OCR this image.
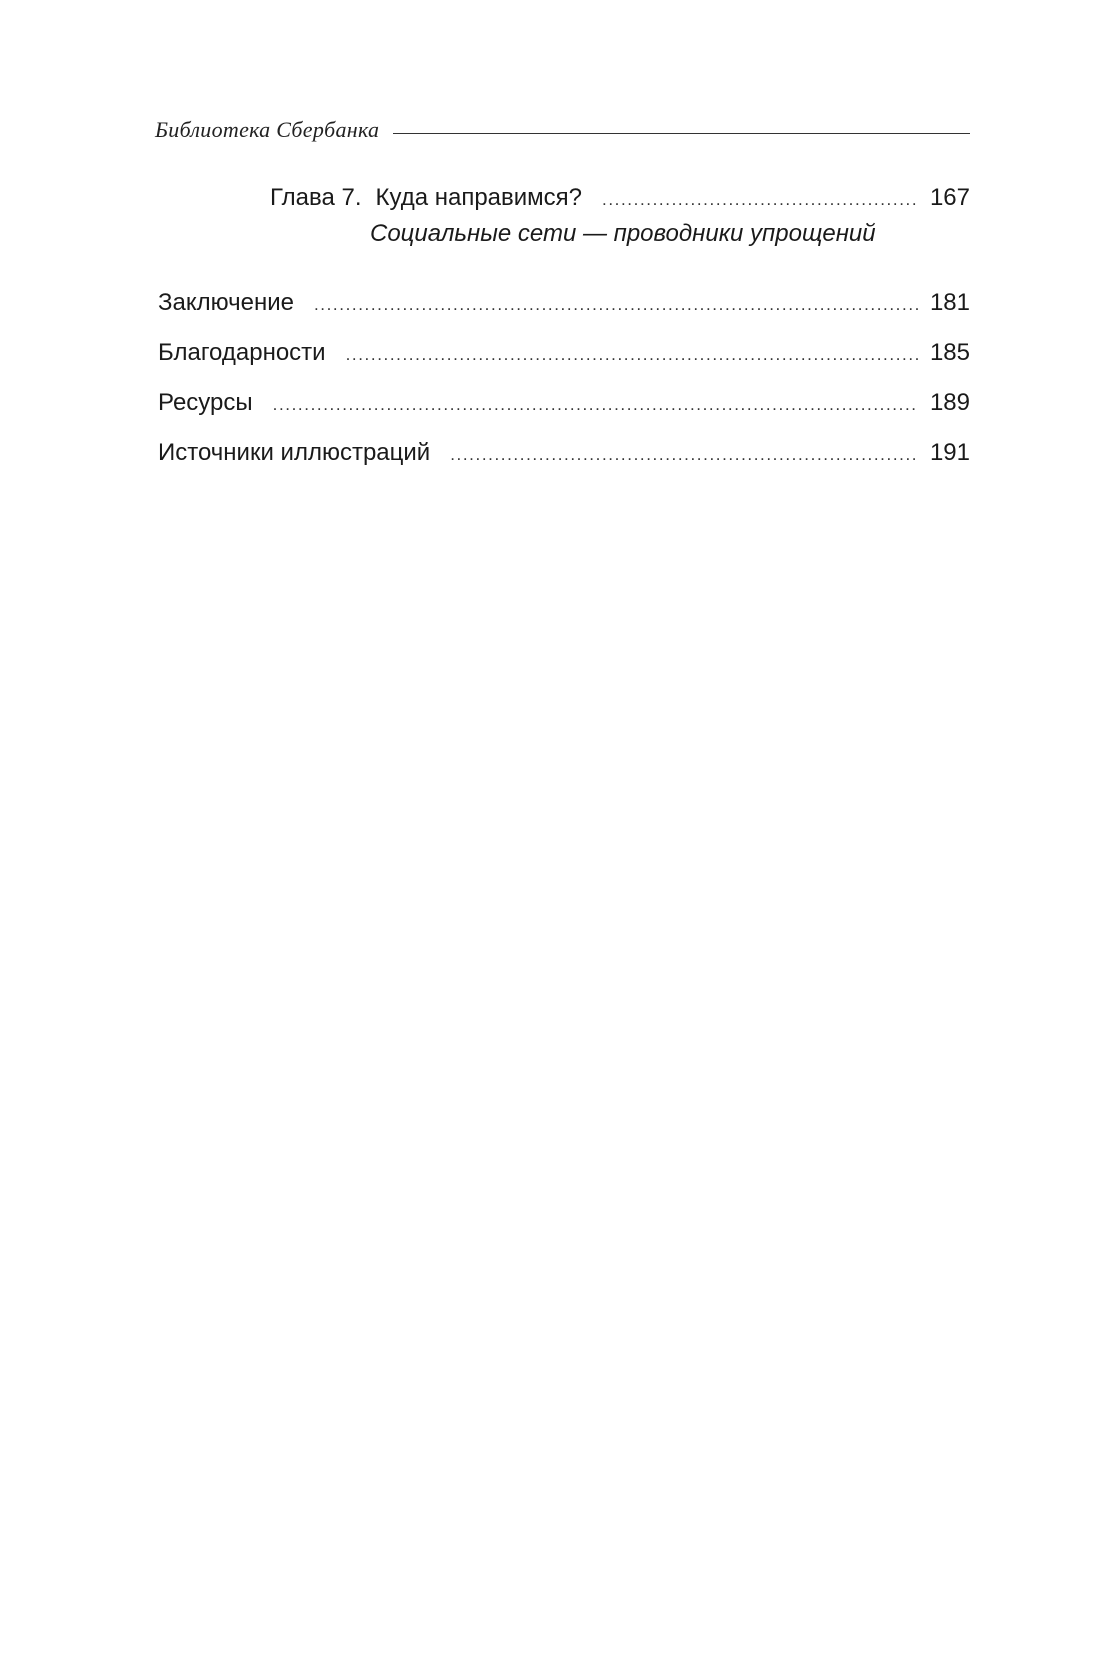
Библиотека Сбербанка
Глава 7. Куда направимся? .....	167
Социальные сети — проводники упрощений
Заключение .....	181
Благодарности .....	185
Ресурсы .....	189
Источники иллюстраций .....	191
